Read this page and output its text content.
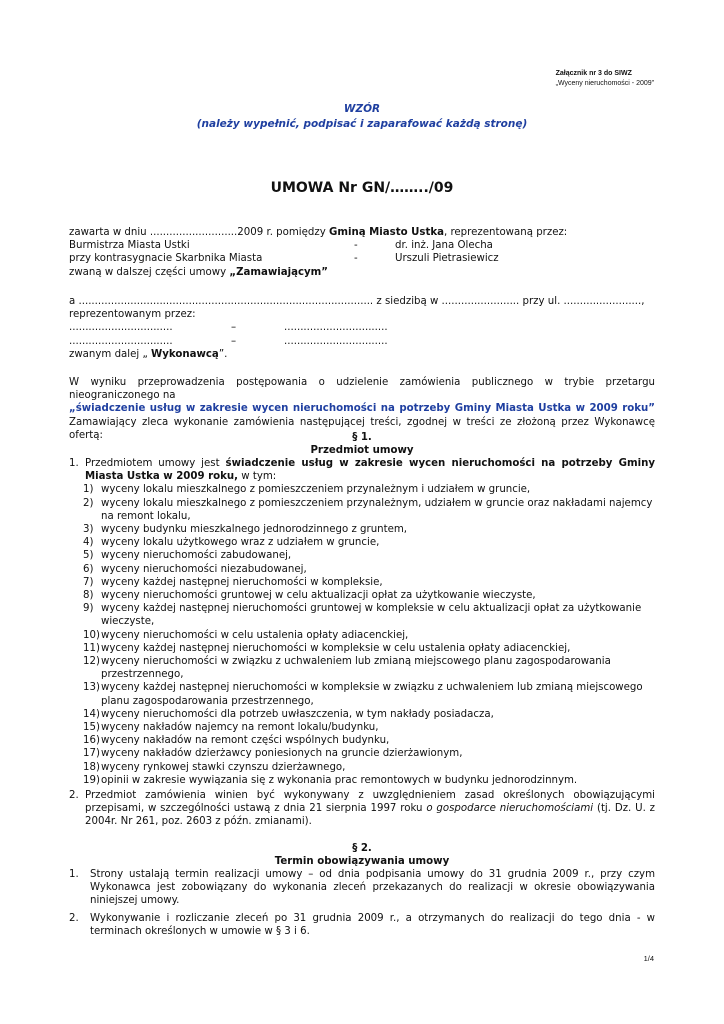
Załącznik nr 3 do SIWZ
„Wyceny nieruchomości - 2009”
WZÓR
(należy wypełnić, podpisać i zaparafować każdą stronę)
UMOWA Nr GN/……../09
zawarta w dniu ...........................2009 r. pomiędzy Gminą Miasto Ustka, reprezentowaną przez:
Burmistrza Miasta Ustki	-	dr. inż. Jana Olecha
przy kontrasygnacie Skarbnika Miasta	-	Urszuli Pietrasiewicz
zwaną w dalszej części umowy „Zamawiającym”
a ........................................................................................... z siedzibą w ........................ przy ul. ........................,
reprezentowanym przez:
................................	–	................................
................................	–	................................
zwanym dalej „ Wykonawcą”.
W wyniku przeprowadzenia postępowania o udzielenie zamówienia publicznego w trybie przetargu nieograniczonego na
„świadczenie usług w zakresie wycen nieruchomości na potrzeby Gminy Miasta Ustka w 2009 roku”
Zamawiający zleca wykonanie zamówienia następującej treści, zgodnej w treści ze złożoną przez Wykonawcę ofertą:	§ 1.
Przedmiot umowy
1. Przedmiotem umowy jest świadczenie usług w zakresie wycen nieruchomości na potrzeby Gminy Miasta Ustka w 2009 roku, w tym:
1) wyceny lokalu mieszkalnego z pomieszczeniem przynależnym i udziałem w gruncie,
2) wyceny lokalu mieszkalnego z pomieszczeniem przynależnym, udziałem w gruncie oraz nakładami najemcy na remont lokalu,
3) wyceny budynku mieszkalnego jednorodzinnego z gruntem,
4) wyceny lokalu użytkowego wraz z udziałem w gruncie,
5) wyceny nieruchomości zabudowanej,
6) wyceny nieruchomości niezabudowanej,
7) wyceny każdej następnej nieruchomości w kompleksie,
8) wyceny nieruchomości gruntowej w celu aktualizacji opłat za użytkowanie wieczyste,
9) wyceny każdej następnej nieruchomości gruntowej w kompleksie w celu aktualizacji opłat za użytkowanie wieczyste,
10) wyceny nieruchomości w celu ustalenia opłaty adiacenckiej,
11) wyceny każdej następnej nieruchomości w kompleksie w celu ustalenia opłaty adiacenckiej,
12) wyceny nieruchomości w związku z uchwaleniem lub zmianą miejscowego planu zagospodarowania przestrzennego,
13) wyceny każdej następnej nieruchomości w kompleksie w związku z uchwaleniem lub zmianą miejscowego planu zagospodarowania przestrzennego,
14) wyceny nieruchomości dla potrzeb uwłaszczenia, w tym nakłady posiadacza,
15) wyceny nakładów najemcy na remont lokalu/budynku,
16) wyceny nakładów na remont części wspólnych budynku,
17) wyceny nakładów dzierżawcy poniesionych na gruncie dzierżawionym,
18) wyceny rynkowej stawki czynszu dzierżawnego,
19) opinii w zakresie wywiązania się z wykonania prac remontowych w budynku jednorodzinnym.
2. Przedmiot zamówienia winien być wykonywany z uwzględnieniem zasad określonych obowiązującymi przepisami, w szczególności ustawą z dnia 21 sierpnia 1997 roku o gospodarce nieruchomościami (tj. Dz. U. z 2004r. Nr 261, poz. 2603 z późn. zmianami).
§ 2.
Termin obowiązywania umowy
1. Strony ustalają termin realizacji umowy – od dnia podpisania umowy do 31 grudnia 2009 r., przy czym Wykonawca jest zobowiązany do wykonania zleceń przekazanych do realizacji w okresie obowiązywania niniejszej umowy.
2. Wykonywanie i rozliczanie zleceń po 31 grudnia 2009 r., a otrzymanych do realizacji do tego dnia - w terminach określonych w umowie w § 3 i 6.
1/4
